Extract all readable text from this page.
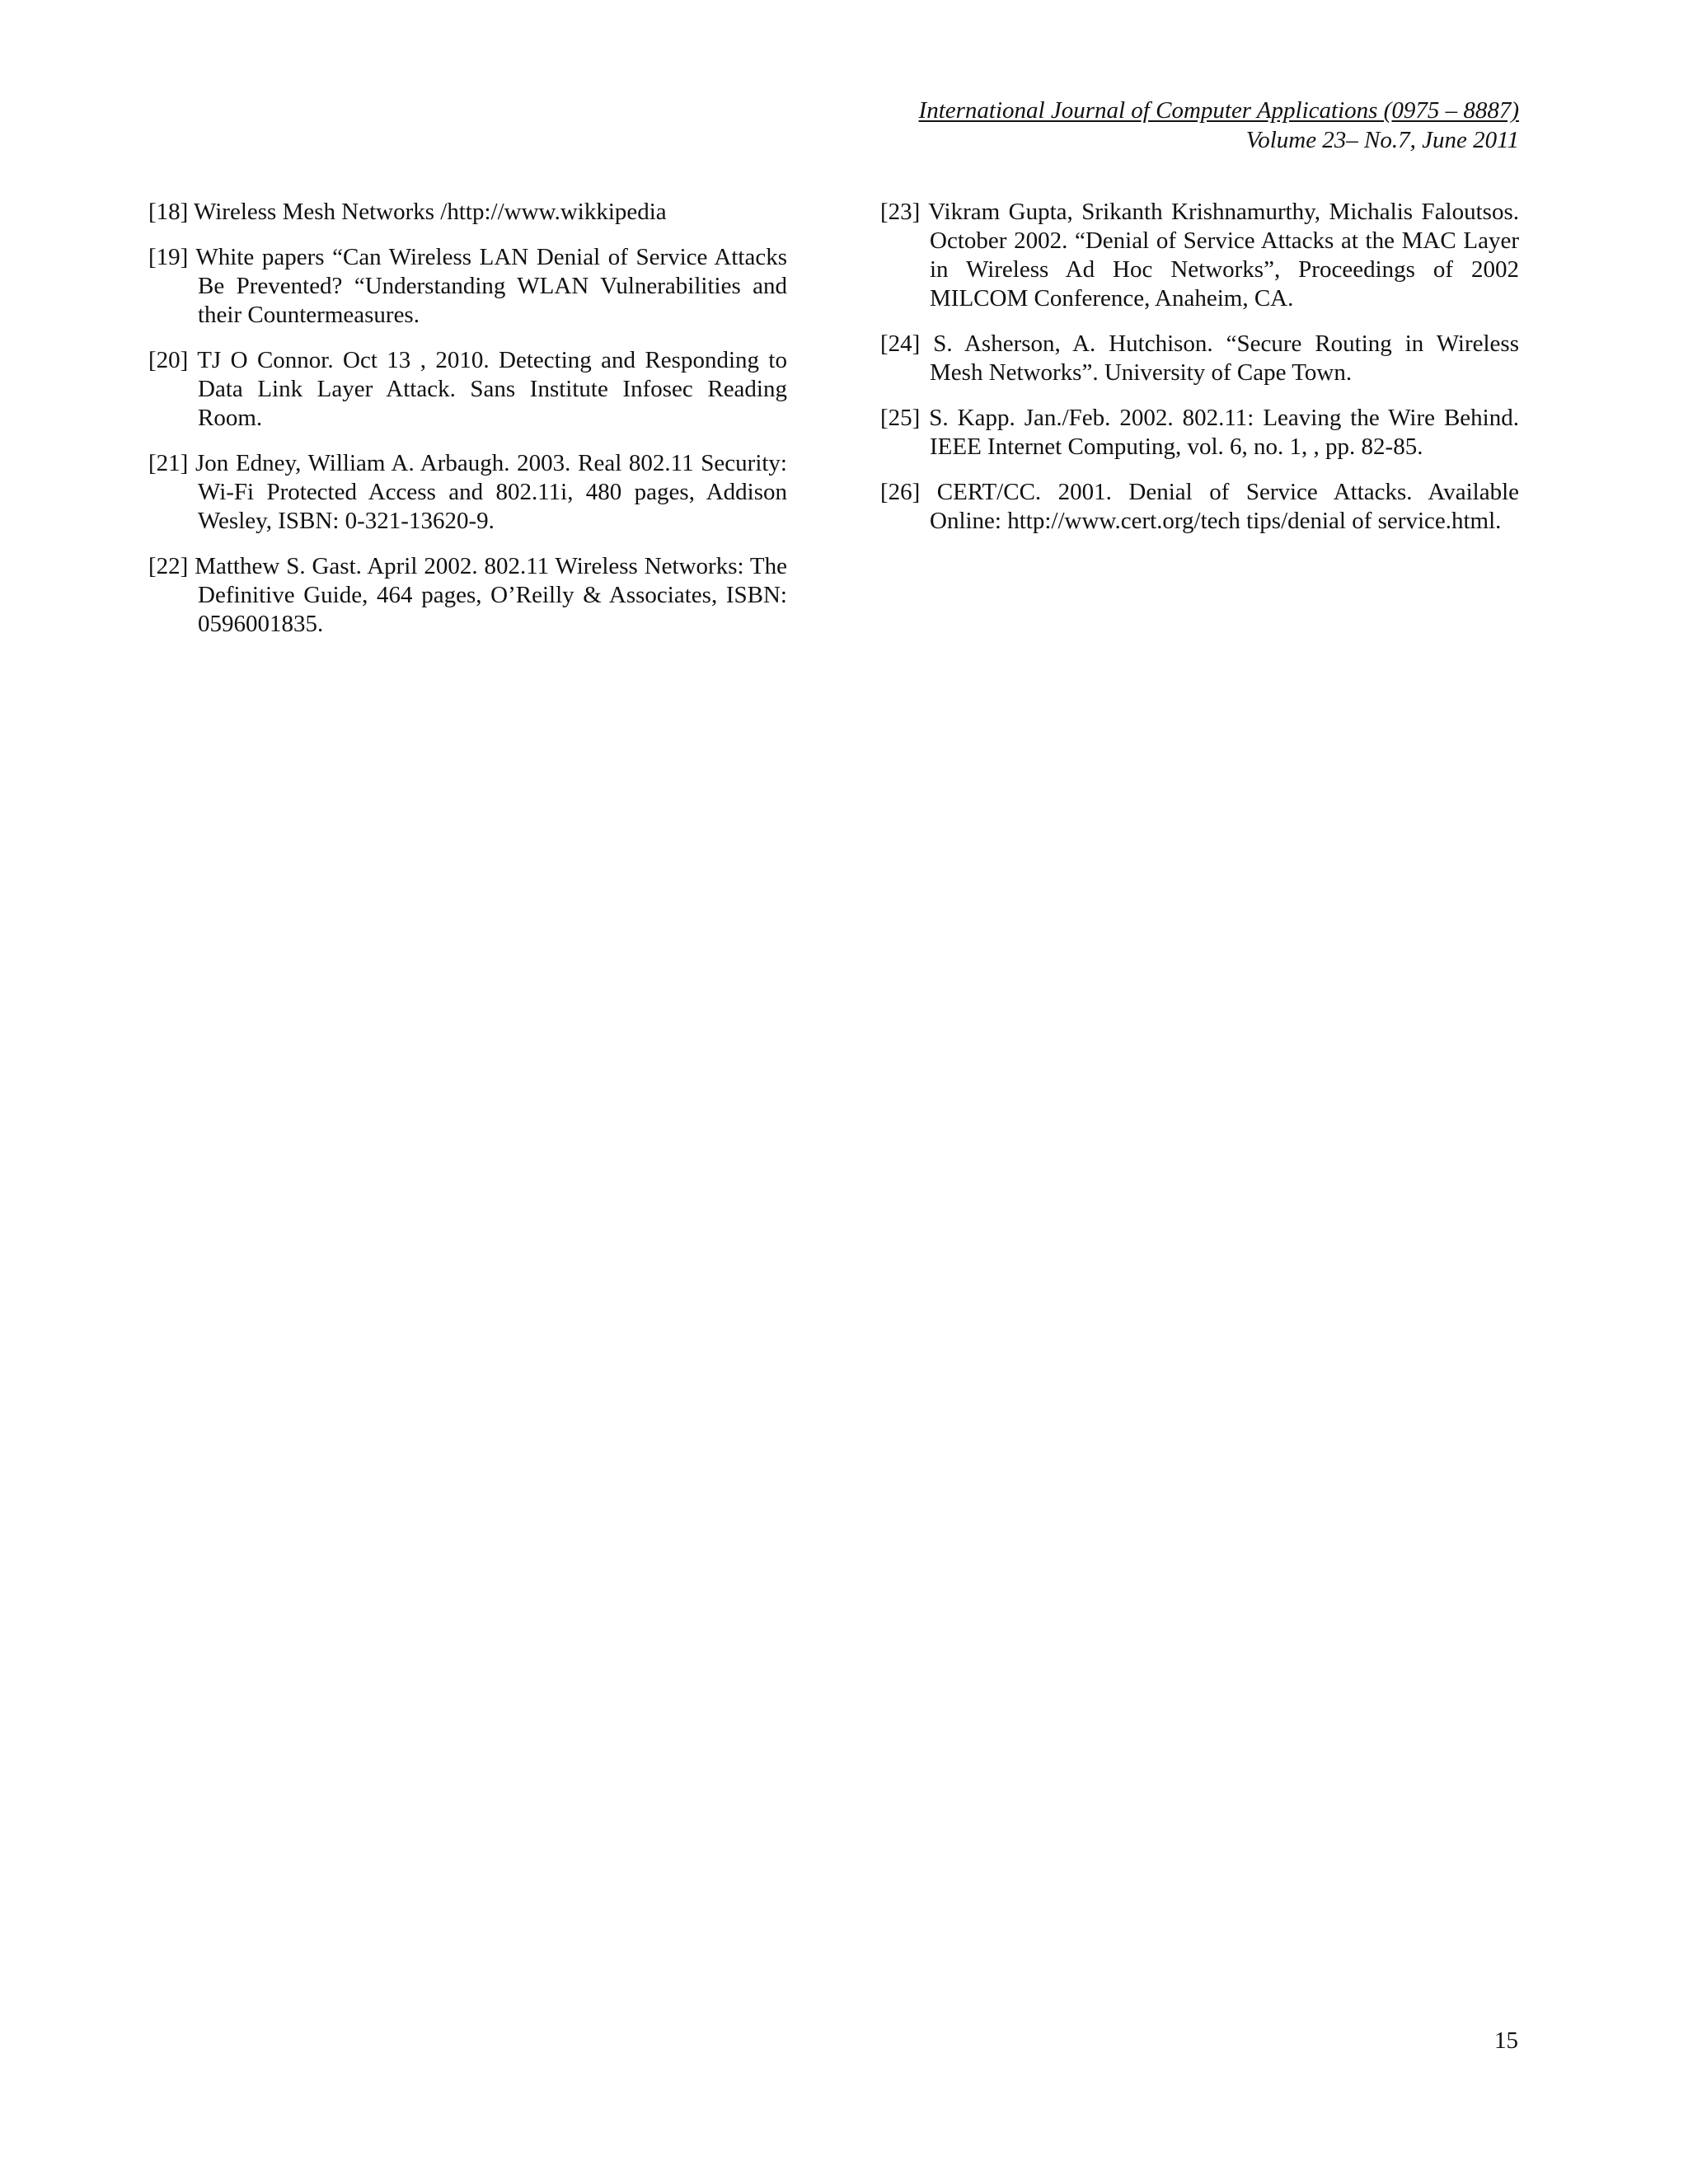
International Journal of Computer Applications (0975 – 8887)
Volume 23– No.7, June 2011

[18] Wireless Mesh Networks /http://www.wikkipedia

[19] White papers “Can Wireless LAN Denial of Service Attacks Be Prevented? “Understanding WLAN Vulnerabilities and their Countermeasures.

[20] TJ O Connor. Oct 13 , 2010. Detecting and Responding to Data Link Layer Attack. Sans Institute Infosec Reading Room.

[21] Jon Edney, William A. Arbaugh. 2003. Real 802.11 Security: Wi-Fi Protected Access and 802.11i, 480 pages, Addison Wesley, ISBN: 0-321-13620-9.

[22] Matthew S. Gast. April 2002. 802.11 Wireless Networks: The Definitive Guide, 464 pages, O’Reilly & Associates, ISBN: 0596001835.

[23] Vikram Gupta, Srikanth Krishnamurthy, Michalis Faloutsos. October 2002. “Denial of Service Attacks at the MAC Layer in Wireless Ad Hoc Networks”, Proceedings of 2002 MILCOM Conference, Anaheim, CA.

[24] S. Asherson, A. Hutchison. “Secure Routing in Wireless Mesh Networks”. University of Cape Town.

[25] S. Kapp. Jan./Feb. 2002. 802.11: Leaving the Wire Behind. IEEE Internet Computing, vol. 6, no. 1, , pp. 82-85.

[26] CERT/CC. 2001. Denial of Service Attacks. Available Online: http://www.cert.org/tech tips/denial of service.html.

15
